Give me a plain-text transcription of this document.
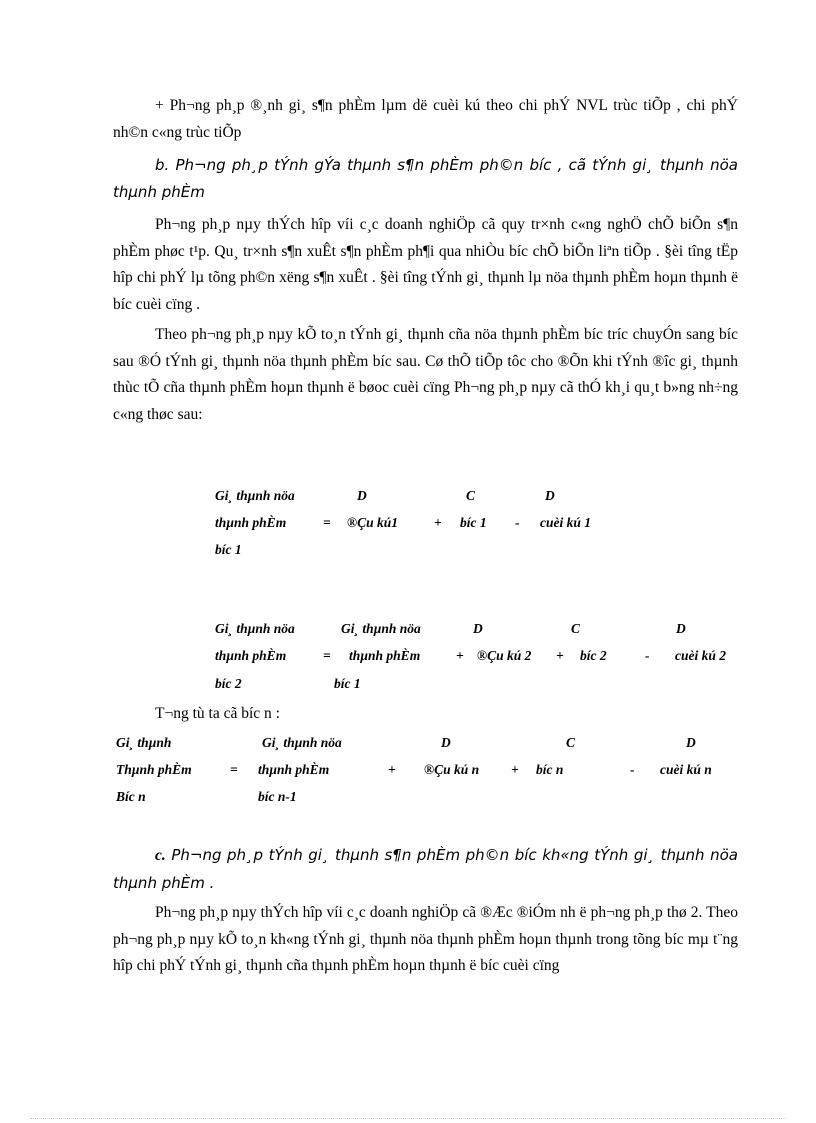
+ Ph¬ng ph¸p ®¸nh gi¸ s¶n phÈm lµm dë cuèi kú theo chi phÝ NVL trùc tiÕp , chi phÝ nh©n c«ng trùc tiÕp

b. Ph¬ng ph¸p tÝnh gÝa thµnh s¶n phÈm ph©n bíc , cã tÝnh gi¸ thµnh nöa thµnh phÈm

Ph¬ng ph¸p nµy thÝch hîp víi c¸c doanh nghiÖp cã quy tr×nh c«ng nghÖ chÕ biÕn s¶n phÈm phøc t¹p. Qu¸ tr×nh s¶n xuÊt s¶n phÈm ph¶i qua nhiÒu bíc chÕ biÕn liªn tiÕp . §èi tîng tËp hîp chi phÝ lµ tõng ph©n xëng s¶n xuÊt . §èi tîng tÝnh gi¸ thµnh lµ nöa thµnh phÈm hoµn thµnh ë bíc cuèi cïng .

Theo ph¬ng ph¸p nµy kÕ to¸n tÝnh gi¸ thµnh cña nöa thµnh phÈm bíc tríc chuyÓn sang bíc sau ®Ó tÝnh gi¸ thµnh nöa thµnh phÈm bíc sau. Cø thÕ tiÕp tôc cho ®Õn khi tÝnh ®îc gi¸ thµnh thùc tÕ cña thµnh phÈm hoµn thµnh ë bøoc cuèi cïng Ph¬ng ph¸p nµy cã thÓ kh¸i qu¸t b»ng nh÷ng c«ng thøc sau:

Gi¸ thµnh nöa	D	C	D
thµnh phÈm	= ®Çu kú1	+ bíc 1 - cuèi kú 1
bíc 1
Gi¸ thµnh nöa	Gi¸ thµnh nöa	D	C	D
thµnh phÈm	= thµnh phÈm	+ ®Çu kú 2 + bíc 2	- cuèi kú 2
bíc 2	bíc 1

T¬ng tù ta cã bíc n :

Gi¸ thµnh	Gi¸ thµnh nöa	D	C	D
Thµnh phÈm	= thµnh phÈm	+ ®Çu kú n + bíc n	- cuèi kú n
Bíc n	bíc n-1

c. Ph¬ng ph¸p tÝnh gi¸ thµnh s¶n phÈm ph©n bíc kh«ng tÝnh gi¸ thµnh nöa thµnh phÈm .

Ph¬ng ph¸p nµy thÝch hîp víi c¸c doanh nghiÖp cã ®Æc ®iÓm nh ë ph¬ng ph¸p thø 2. Theo ph¬ng ph¸p nµy kÕ to¸n kh«ng tÝnh gi¸ thµnh nöa thµnh phÈm hoµn thµnh trong tõng bíc mµ t¨ng hîp chi phÝ tÝnh gi¸ thµnh cña thµnh phÈm hoµn thµnh ë bíc cuèi cïng
